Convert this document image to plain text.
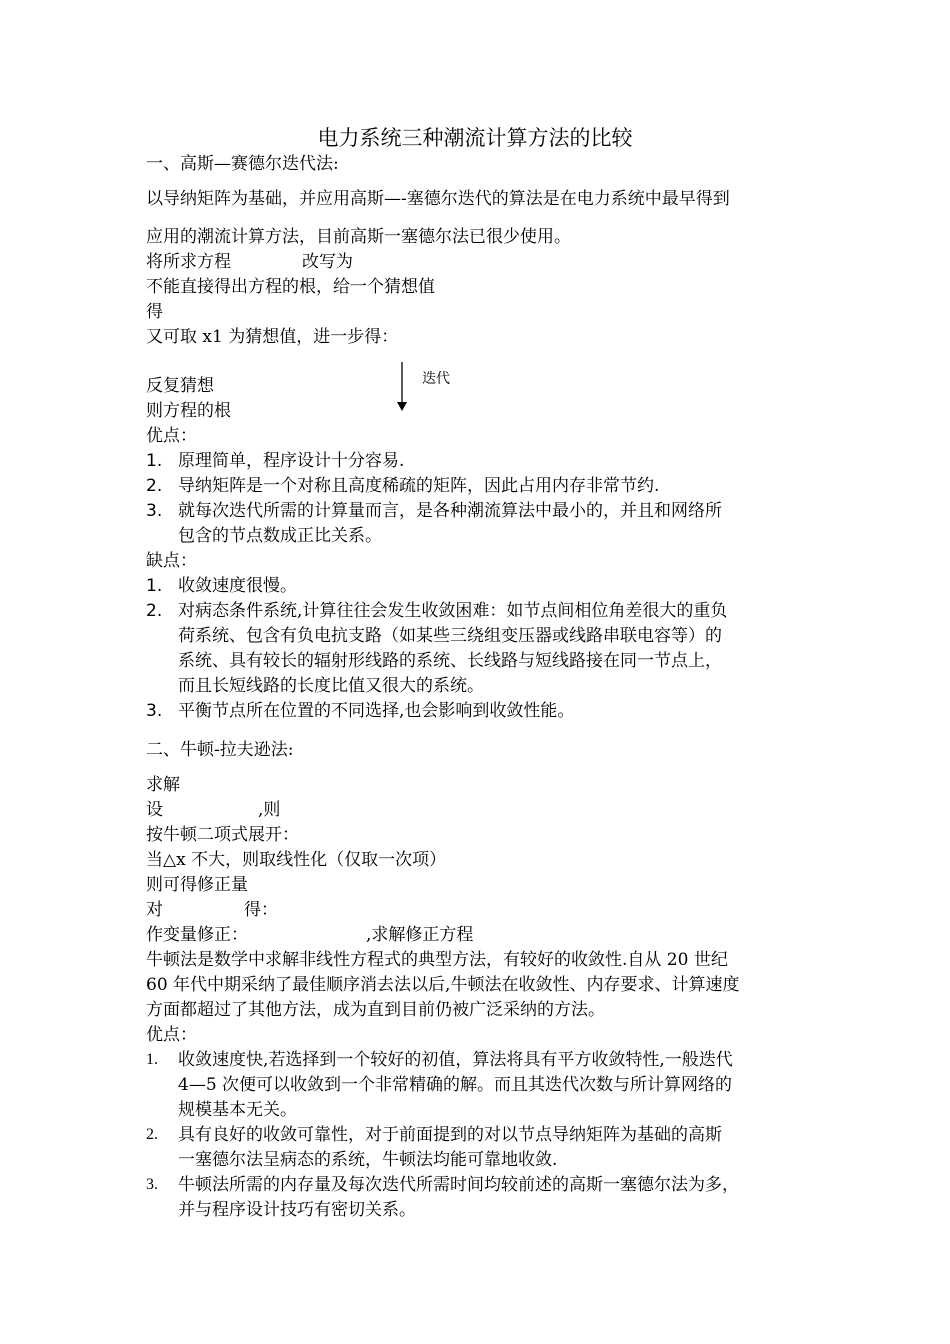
电力系统三种潮流计算方法的比较
一、高斯—赛德尔迭代法:
以导纳矩阵为基础，并应用高斯—-塞德尔迭代的算法是在电力系统中最早得到
应用的潮流计算方法，目前高斯一塞德尔法已很少使用。
将所求方程	改写为
不能直接得出方程的根，给一个猜想值
得
又可取 x1 为猜想值，进一步得：
迭代
反复猜想
则方程的根
优点：
1. 原理简单，程序设计十分容易.
2. 导纳矩阵是一个对称且高度稀疏的矩阵，因此占用内存非常节约.
3. 就每次迭代所需的计算量而言，是各种潮流算法中最小的，并且和网络所
包含的节点数成正比关系。
缺点：
1. 收敛速度很慢。
2. 对病态条件系统,计算往往会发生收敛困难：如节点间相位角差很大的重负
荷系统、包含有负电抗支路（如某些三绕组变压器或线路串联电容等）的
系统、具有较长的辐射形线路的系统、长线路与短线路接在同一节点上，
而且长短线路的长度比值又很大的系统。
3. 平衡节点所在位置的不同选择,也会影响到收敛性能。
二、牛顿-拉夫逊法:
求解
设	,则
按牛顿二项式展开：
当△x 不大，则取线性化（仅取一次项）
则可得修正量
对	得：
作变量修正：	,求解修正方程
牛顿法是数学中求解非线性方程式的典型方法，有较好的收敛性.自从 20 世纪
60 年代中期采纳了最佳顺序消去法以后,牛顿法在收敛性、内存要求、计算速度
方面都超过了其他方法，成为直到目前仍被广泛采纳的方法。
优点：
1. 收敛速度快,若选择到一个较好的初值，算法将具有平方收敛特性,一般迭代
4—5 次便可以收敛到一个非常精确的解。而且其迭代次数与所计算网络的
规模基本无关。
2. 具有良好的收敛可靠性，对于前面提到的对以节点导纳矩阵为基础的高斯
一塞德尔法呈病态的系统，牛顿法均能可靠地收敛.
3. 牛顿法所需的内存量及每次迭代所需时间均较前述的高斯一塞德尔法为多，
并与程序设计技巧有密切关系。
